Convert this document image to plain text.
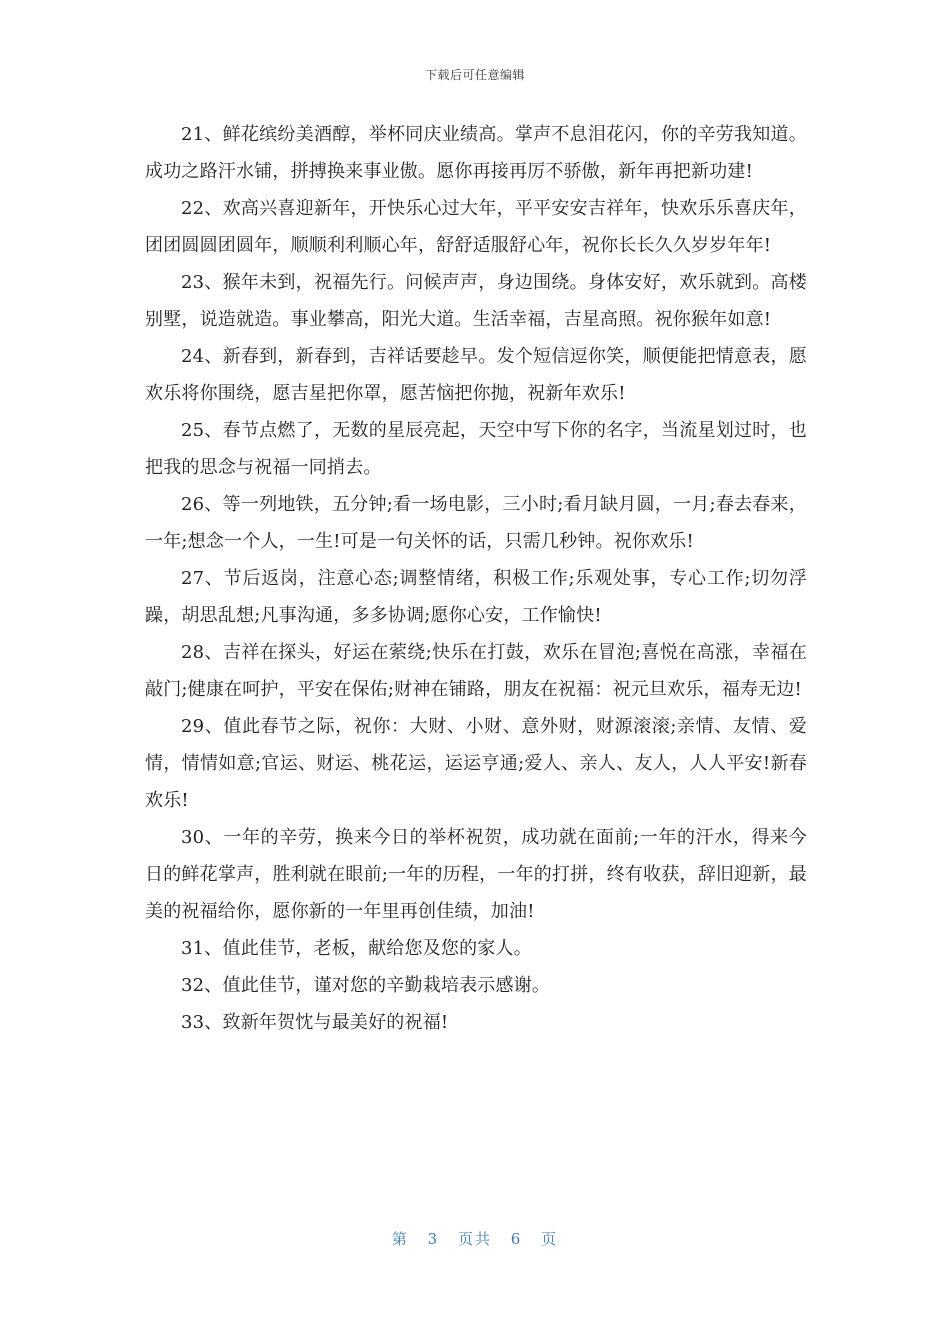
下载后可任意编辑

21、鲜花缤纷美酒醇，举杯同庆业绩高。掌声不息泪花闪，你的辛劳我知道。成功之路汗水铺，拼搏换来事业傲。愿你再接再厉不骄傲，新年再把新功建!

22、欢高兴喜迎新年，开快乐心过大年，平平安安吉祥年，快欢乐乐喜庆年，团团圆圆团圆年，顺顺利利顺心年，舒舒适服舒心年，祝你长长久久岁岁年年!

23、猴年未到，祝福先行。问候声声，身边围绕。身体安好，欢乐就到。高楼别墅，说造就造。事业攀高，阳光大道。生活幸福，吉星高照。祝你猴年如意!

24、新春到，新春到，吉祥话要趁早。发个短信逗你笑，顺便能把情意表，愿欢乐将你围绕，愿吉星把你罩，愿苦恼把你抛，祝新年欢乐!

25、春节点燃了，无数的星辰亮起，天空中写下你的名字，当流星划过时，也把我的思念与祝福一同捎去。

26、等一列地铁，五分钟;看一场电影，三小时;看月缺月圆，一月;春去春来，一年;想念一个人，一生!可是一句关怀的话，只需几秒钟。祝你欢乐!

27、节后返岗，注意心态;调整情绪，积极工作;乐观处事，专心工作;切勿浮躁，胡思乱想;凡事沟通，多多协调;愿你心安，工作愉快!

28、吉祥在探头，好运在萦绕;快乐在打鼓，欢乐在冒泡;喜悦在高涨，幸福在敲门;健康在呵护，平安在保佑;财神在铺路，朋友在祝福：祝元旦欢乐，福寿无边!

29、值此春节之际，祝你：大财、小财、意外财，财源滚滚;亲情、友情、爱情，情情如意;官运、财运、桃花运，运运亨通;爱人、亲人、友人，人人平安!新春欢乐!

30、一年的辛劳，换来今日的举杯祝贺，成功就在面前;一年的汗水，得来今日的鲜花掌声，胜利就在眼前;一年的历程，一年的打拼，终有收获，辞旧迎新，最美的祝福给你，愿你新的一年里再创佳绩，加油!

31、值此佳节，老板，献给您及您的家人。

32、值此佳节，谨对您的辛勤栽培表示感谢。

33、致新年贺忱与最美好的祝福!

第 3 页共 6 页
